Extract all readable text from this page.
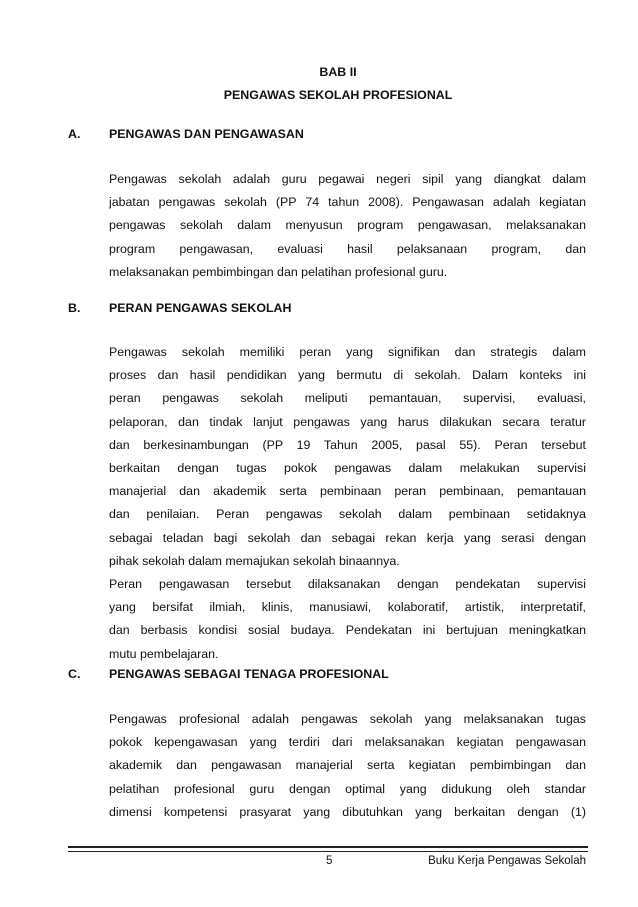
BAB II
PENGAWAS SEKOLAH PROFESIONAL
A. PENGAWAS DAN PENGAWASAN
Pengawas sekolah adalah guru pegawai negeri sipil yang diangkat dalam
jabatan pengawas sekolah (PP 74 tahun 2008). Pengawasan adalah kegiatan
pengawas sekolah dalam menyusun program pengawasan, melaksanakan
program pengawasan, evaluasi hasil pelaksanaan program, dan
melaksanakan pembimbingan dan pelatihan profesional guru.
B. PERAN PENGAWAS SEKOLAH
Pengawas sekolah memiliki peran yang signifikan dan strategis dalam
proses dan hasil pendidikan yang bermutu di sekolah. Dalam konteks ini
peran pengawas sekolah meliputi pemantauan, supervisi, evaluasi,
pelaporan, dan tindak lanjut pengawas yang harus dilakukan secara teratur
dan berkesinambungan (PP 19 Tahun 2005, pasal 55). Peran tersebut
berkaitan dengan tugas pokok pengawas dalam melakukan supervisi
manajerial dan akademik serta pembinaan peran pembinaan, pemantauan
dan penilaian. Peran pengawas sekolah dalam pembinaan setidaknya
sebagai teladan bagi sekolah dan sebagai rekan kerja yang serasi dengan
pihak sekolah dalam memajukan sekolah binaannya.
Peran pengawasan tersebut dilaksanakan dengan pendekatan supervisi
yang bersifat ilmiah, klinis, manusiawi, kolaboratif, artistik, interpretatif,
dan berbasis kondisi sosial budaya. Pendekatan ini bertujuan meningkatkan
mutu pembelajaran.
C. PENGAWAS SEBAGAI TENAGA PROFESIONAL
Pengawas profesional adalah pengawas sekolah yang melaksanakan tugas
pokok kepengawasan yang terdiri dari melaksanakan kegiatan pengawasan
akademik dan pengawasan manajerial serta kegiatan pembimbingan dan
pelatihan profesional guru dengan optimal yang didukung oleh standar
dimensi kompetensi prasyarat yang dibutuhkan yang berkaitan dengan (1)
5	Buku Kerja Pengawas Sekolah
